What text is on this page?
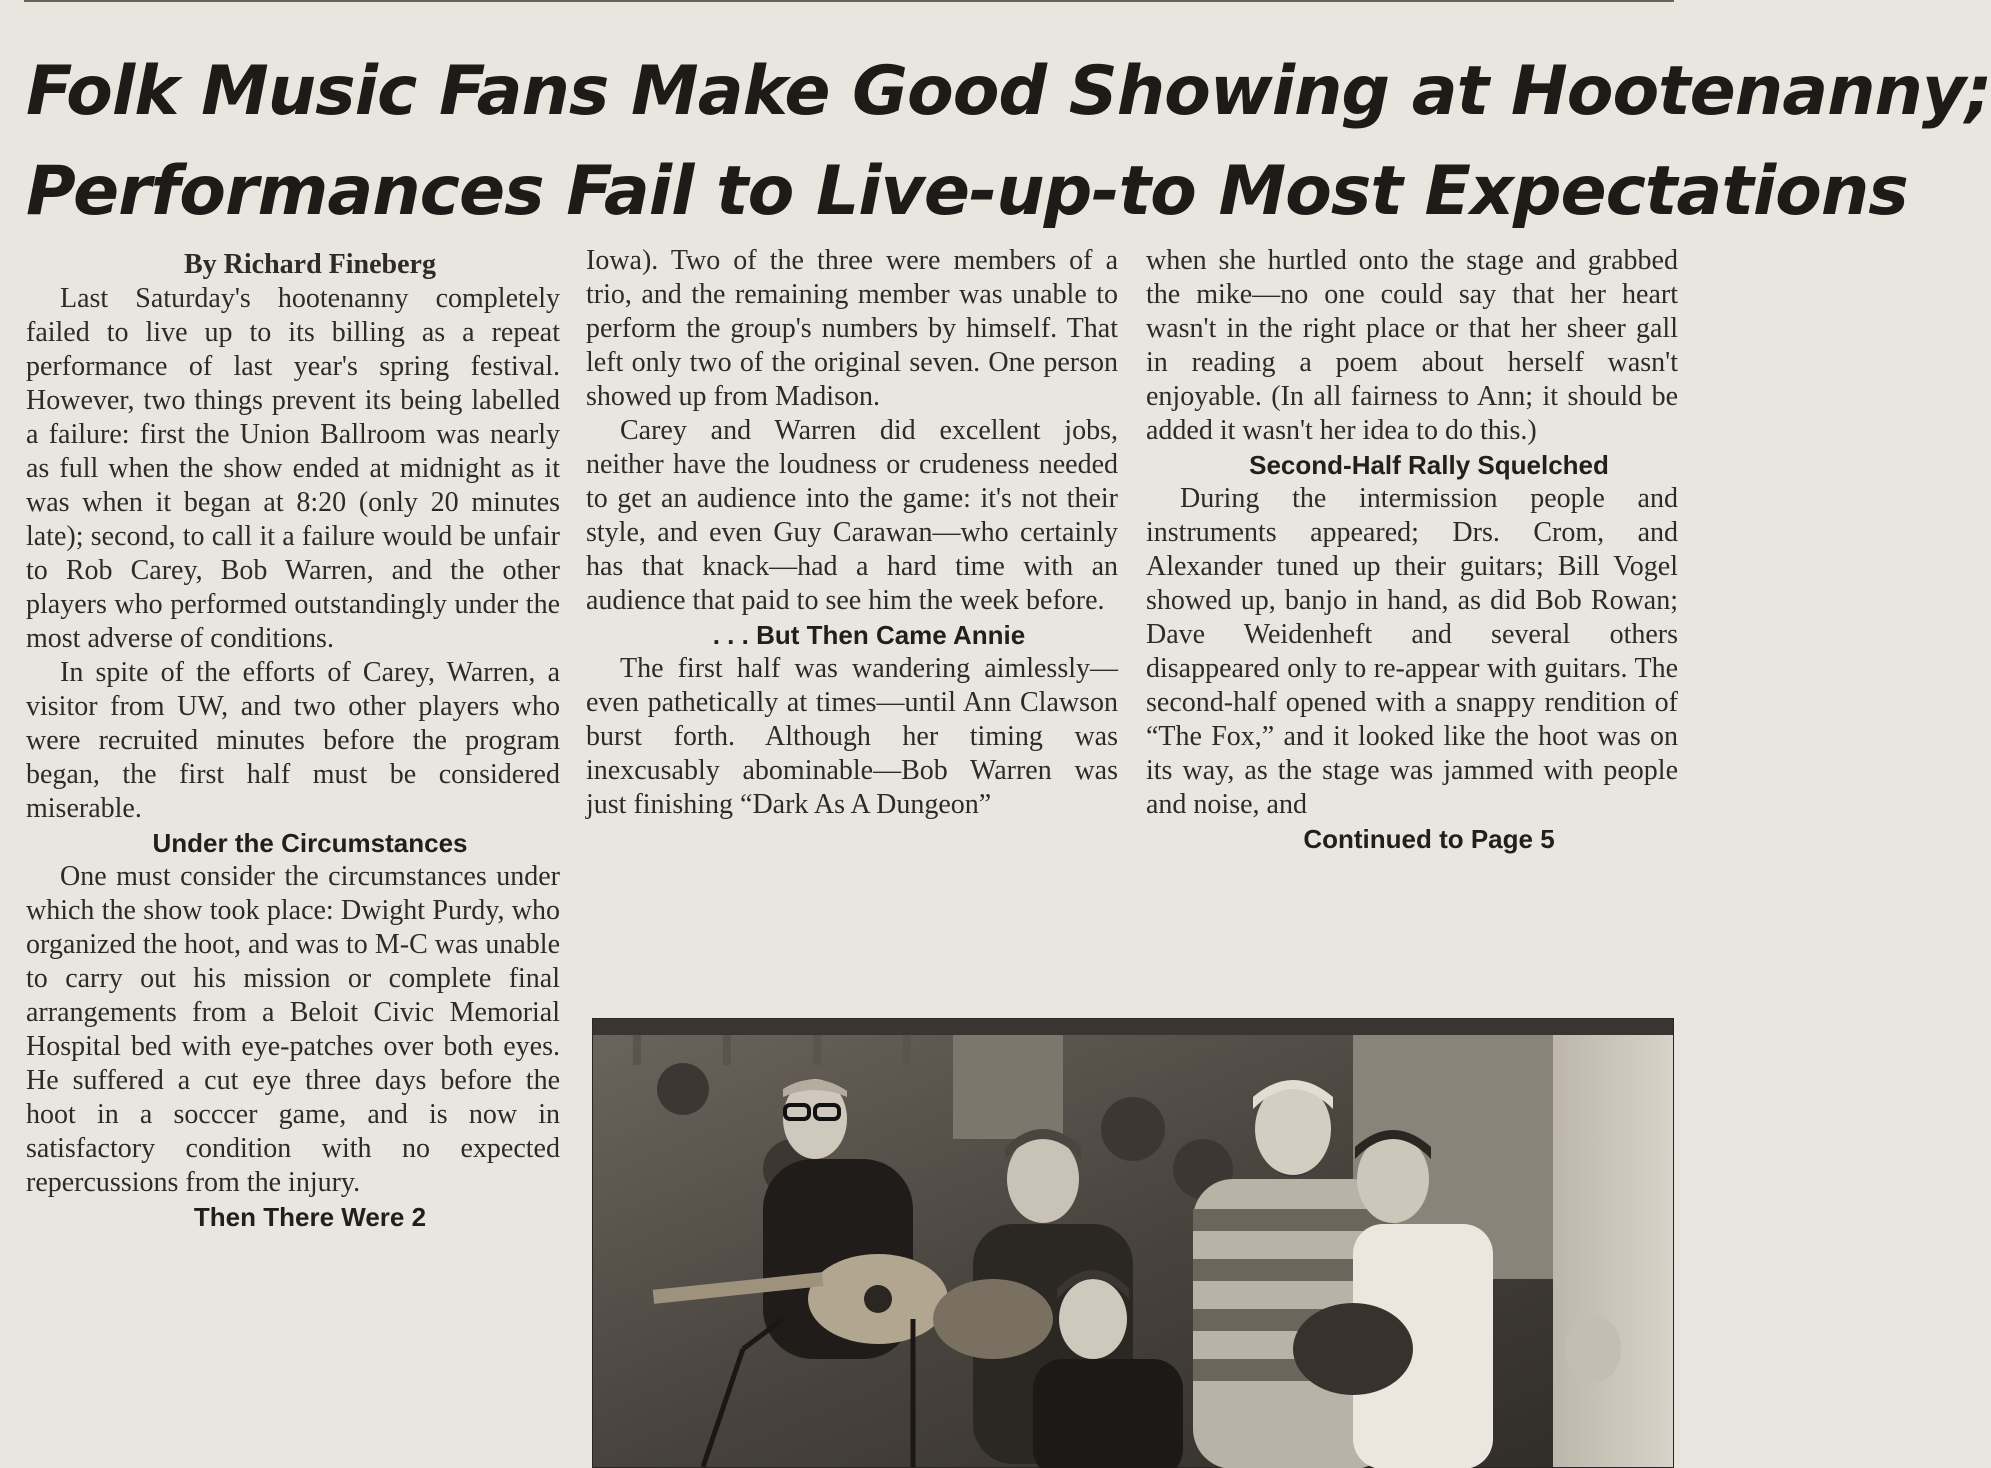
Folk Music Fans Make Good Showing at Hootenanny;
Performances Fail to Live-up-to Most Expectations

By Richard Fineberg

Last Saturday's hootenanny completely failed to live up to its billing as a repeat performance of last year's spring festival. However, two things prevent its being labelled a failure: first the Union Ballroom was nearly as full when the show ended at midnight as it was when it began at 8:20 (only 20 minutes late); second, to call it a failure would be unfair to Rob Carey, Bob Warren, and the other players who performed outstandingly under the most adverse of conditions.

In spite of the efforts of Carey, Warren, a visitor from UW, and two other players who were recruited minutes before the program began, the first half must be considered miserable.

Under the Circumstances

One must consider the circumstances under which the show took place: Dwight Purdy, who organized the hoot, and was to M-C was unable to carry out his mission or complete final arrangements from a Beloit Civic Memorial Hospital bed with eye-patches over both eyes. He suffered a cut eye three days before the hoot in a socccer game, and is now in satisfactory condition with no expected repercussions from the injury.

Then There Were 2

Iowa). Two of the three were members of a trio, and the remaining member was unable to perform the group's numbers by himself. That left only two of the original seven. One person showed up from Madison.

Carey and Warren did excellent jobs, neither have the loudness or crudeness needed to get an audience into the game: it's not their style, and even Guy Carawan—who certainly has that knack—had a hard time with an audience that paid to see him the week before.

. . . But Then Came Annie

The first half was wandering aimlessly—even pathetically at times—until Ann Clawson burst forth. Although her timing was inexcusably abominable—Bob Warren was just finishing “Dark As A Dungeon”

when she hurtled onto the stage and grabbed the mike—no one could say that her heart wasn't in the right place or that her sheer gall in reading a poem about herself wasn't enjoyable. (In all fairness to Ann; it should be added it wasn't her idea to do this.)

Second-Half Rally Squelched

During the intermission people and instruments appeared; Drs. Crom, and Alexander tuned up their guitars; Bill Vogel showed up, banjo in hand, as did Bob Rowan; Dave Weidenheft and several others disappeared only to re-appear with guitars. The second-half opened with a snappy rendition of “The Fox,” and it looked like the hoot was on its way, as the stage was jammed with people and noise, and

Continued to Page 5
